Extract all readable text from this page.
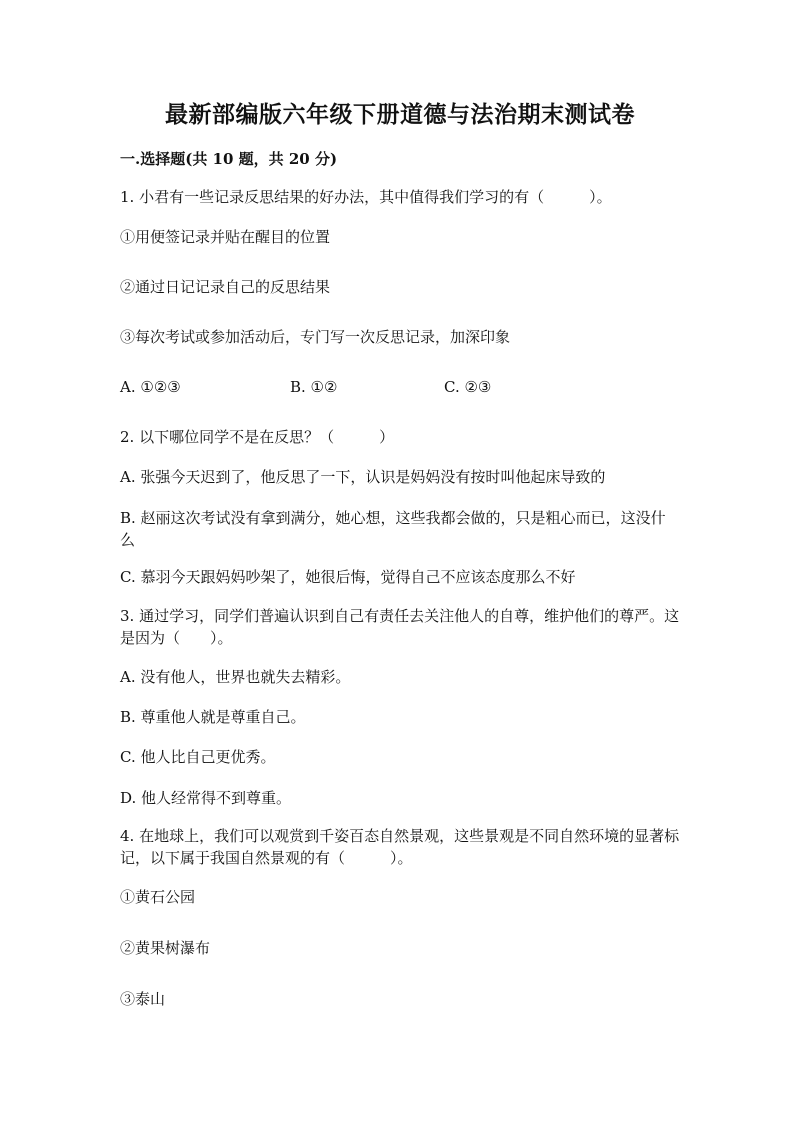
最新部编版六年级下册道德与法治期末测试卷
一.选择题(共 10 题，共 20 分)
1. 小君有一些记录反思结果的好办法，其中值得我们学习的有（　　　）。
①用便签记录并贴在醒目的位置
②通过日记记录自己的反思结果
③每次考试或参加活动后，专门写一次反思记录，加深印象
A. ①②③	B. ①②	C. ②③
2. 以下哪位同学不是在反思？（　　　）
A. 张强今天迟到了，他反思了一下，认识是妈妈没有按时叫他起床导致的
B. 赵丽这次考试没有拿到满分，她心想，这些我都会做的，只是粗心而已，这没什么
C. 慕羽今天跟妈妈吵架了，她很后悔，觉得自己不应该态度那么不好
3. 通过学习，同学们普遍认识到自己有责任去关注他人的自尊，维护他们的尊严。这是因为（　　）。
A. 没有他人，世界也就失去精彩。
B. 尊重他人就是尊重自己。
C. 他人比自己更优秀。
D. 他人经常得不到尊重。
4. 在地球上，我们可以观赏到千姿百态自然景观，这些景观是不同自然环境的显著标记，以下属于我国自然景观的有（　　　）。
①黄石公园
②黄果树瀑布
③泰山
